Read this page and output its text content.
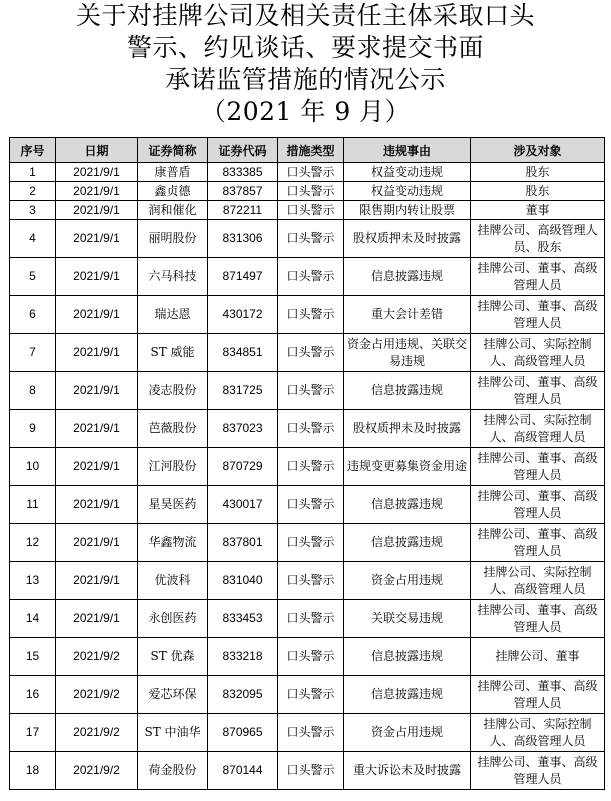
关于对挂牌公司及相关责任主体采取口头
警示、约见谈话、要求提交书面
承诺监管措施的情况公示
（2021 年 9 月）
序号	日期	证券简称	证券代码	措施类型	违规事由	涉及对象
1	2021/9/1	康普盾	833385	口头警示	权益变动违规	股东
2	2021/9/1	鑫贞德	837857	口头警示	权益变动违规	股东
3	2021/9/1	润和催化	872211	口头警示	限售期内转让股票	董事
4	2021/9/1	丽明股份	831306	口头警示	股权质押未及时披露	挂牌公司、高级管理人员、股东
5	2021/9/1	六马科技	871497	口头警示	信息披露违规	挂牌公司、董事、高级管理人员
6	2021/9/1	瑞达恩	430172	口头警示	重大会计差错	挂牌公司、董事、高级管理人员
7	2021/9/1	ST 威能	834851	口头警示	资金占用违规、关联交易违规	挂牌公司、实际控制人、高级管理人员
8	2021/9/1	凌志股份	831725	口头警示	信息披露违规	挂牌公司、董事、高级管理人员
9	2021/9/1	芭薇股份	837023	口头警示	股权质押未及时披露	挂牌公司、实际控制人、高级管理人员
10	2021/9/1	江河股份	870729	口头警示	违规变更募集资金用途	挂牌公司、董事、高级管理人员
11	2021/9/1	星昊医药	430017	口头警示	信息披露违规	挂牌公司、董事、高级管理人员
12	2021/9/1	华鑫物流	837801	口头警示	信息披露违规	挂牌公司、董事、高级管理人员
13	2021/9/1	优波科	831040	口头警示	资金占用违规	挂牌公司、实际控制人、高级管理人员
14	2021/9/1	永创医药	833453	口头警示	关联交易违规	挂牌公司、董事、高级管理人员
15	2021/9/2	ST 优森	833218	口头警示	信息披露违规	挂牌公司、董事
16	2021/9/2	爱芯环保	832095	口头警示	信息披露违规	挂牌公司、董事、高级管理人员
17	2021/9/2	ST 中油华	870965	口头警示	资金占用违规	挂牌公司、实际控制人、高级管理人员
18	2021/9/2	荷金股份	870144	口头警示	重大诉讼未及时披露	挂牌公司、董事、高级管理人员
